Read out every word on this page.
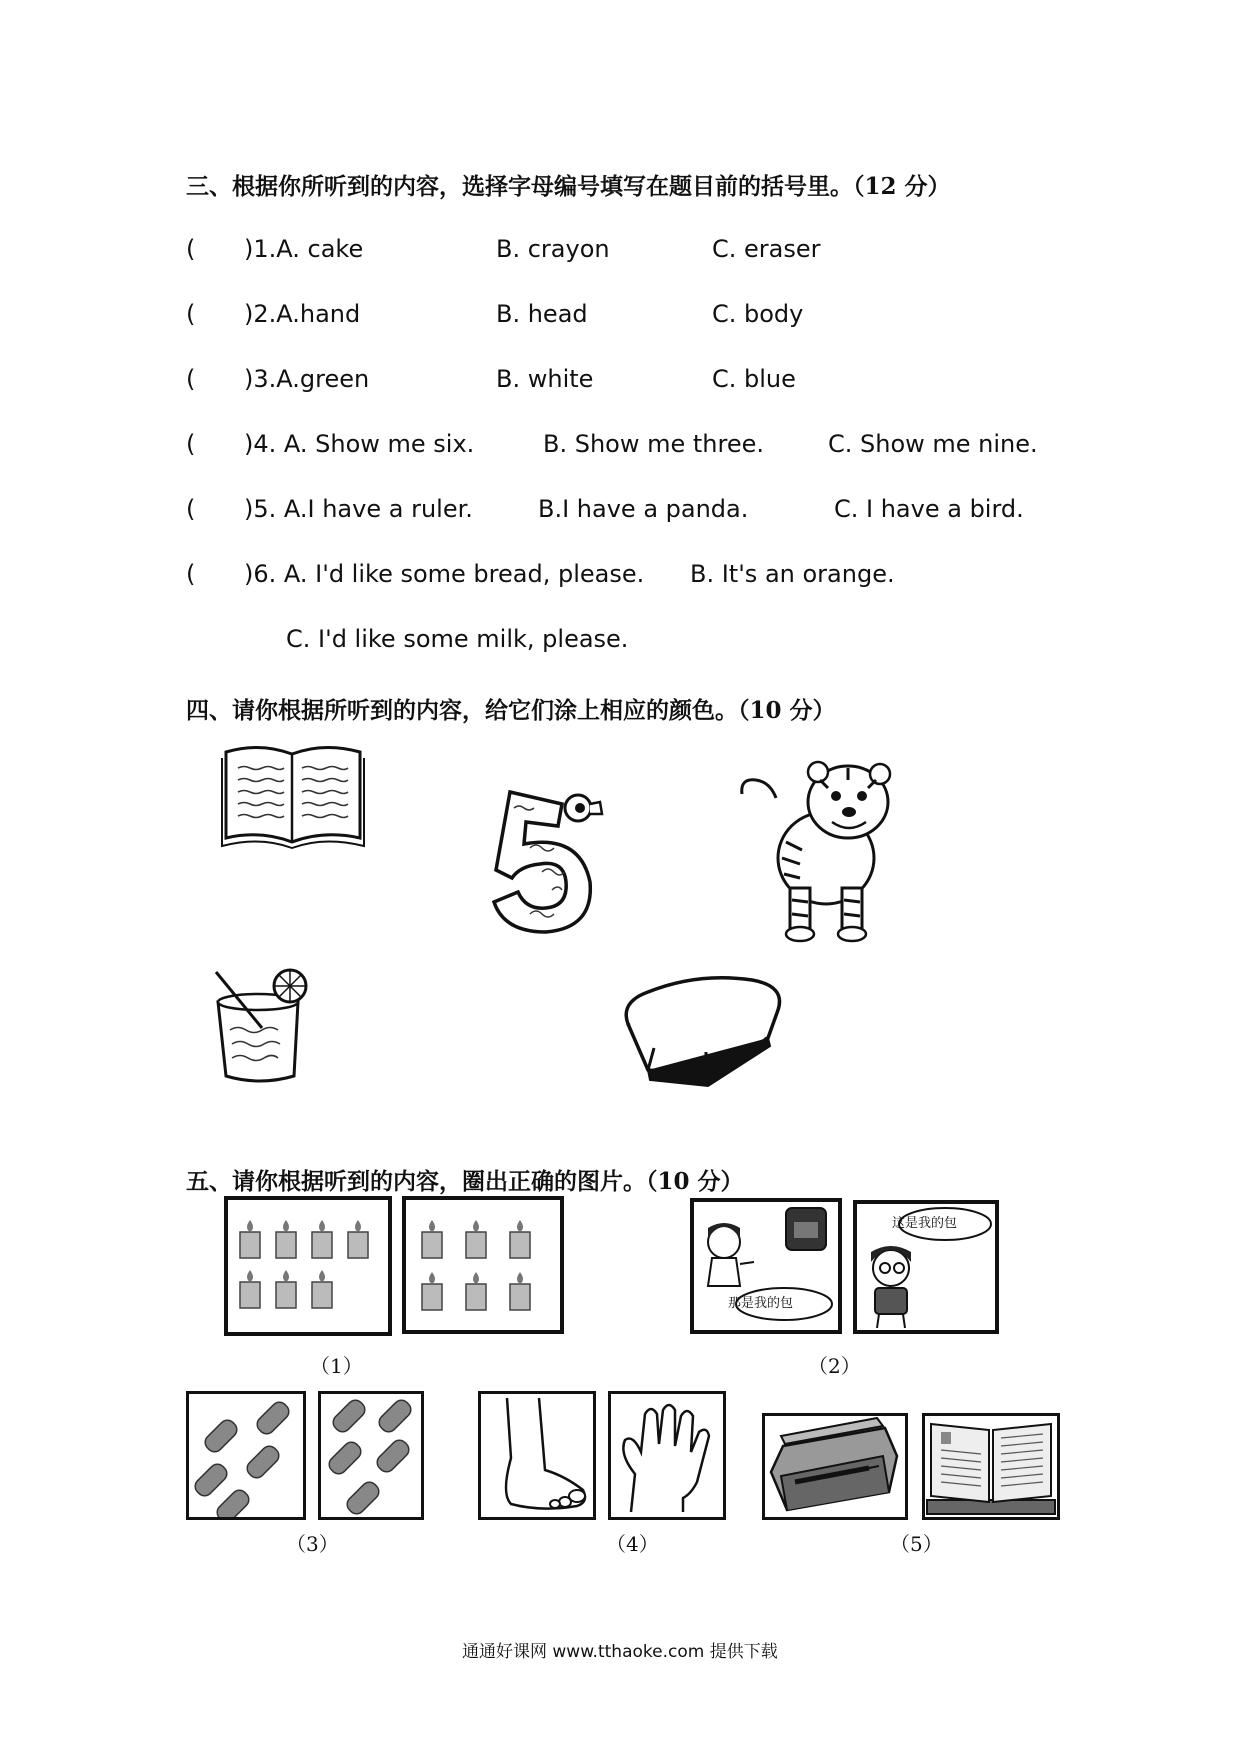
三、根据你所听到的内容，选择字母编号填写在题目前的括号里。（12 分）
( )1.A. cake	B. crayon	C. eraser
( )2.A.hand	B. head	C. body
( )3.A.green	B. white	C. blue
( )4. A. Show me six.	B. Show me three.	C. Show me nine.
( )5. A.I have a ruler.	B.I have a panda.	C. I have a bird.
( )6. A. I'd like some bread, please. B. It's an orange.
C. I'd like some milk, please.
四、请你根据所听到的内容，给它们涂上相应的颜色。（10 分）
五、请你根据听到的内容，圈出正确的图片。（10 分）
（1）
那是我的包
这是我的包
（2）
（3）	（4）	（5）
通通好课网 www.tthaoke.com 提供下载
